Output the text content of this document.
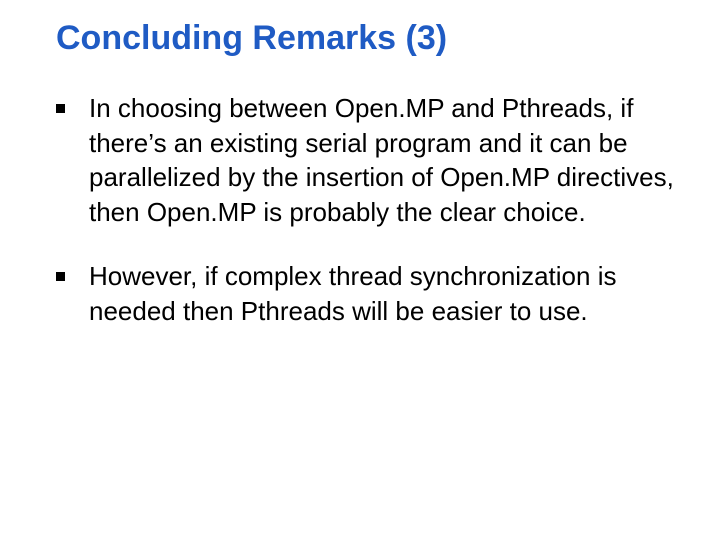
Concluding Remarks (3)
In choosing between Open.MP and Pthreads, if there’s an existing serial program and it can be parallelized by the insertion of Open.MP directives, then Open.MP is probably the clear choice.
However, if complex thread synchronization is needed then Pthreads will be easier to use.
